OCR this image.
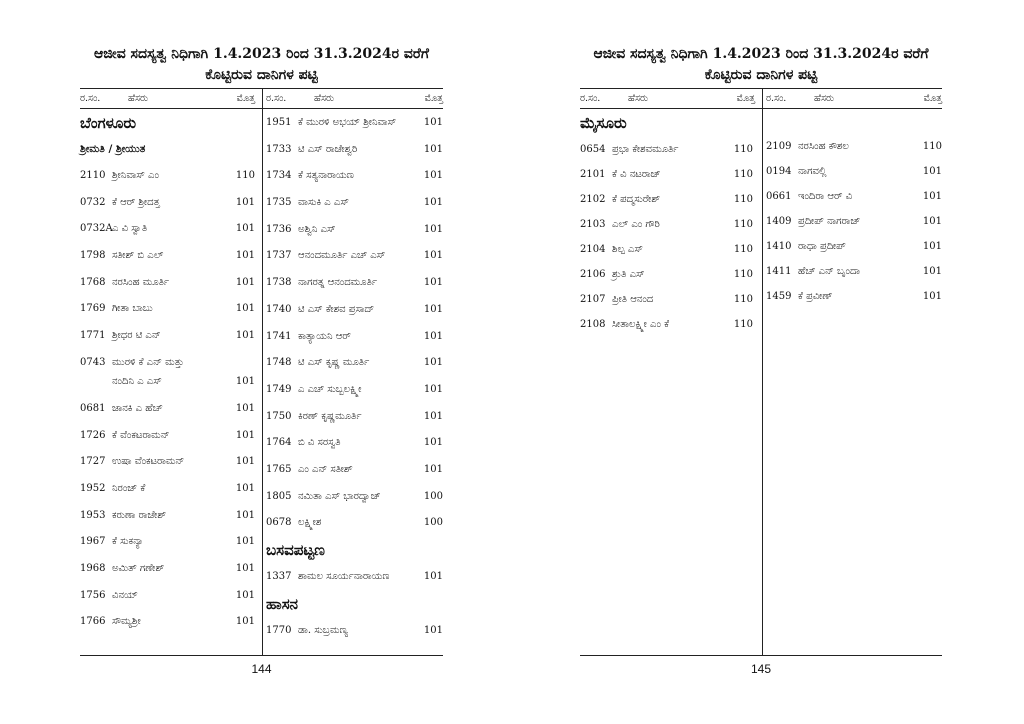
ಆಜೀವ ಸದಸ್ಯತ್ವ ನಿಧಿಗಾಗಿ 1.4.2023 ರಿಂದ 31.3.2024ರ ವರೆಗೆ
ಕೊಟ್ಟಿರುವ ದಾನಿಗಳ ಪಟ್ಟಿ
ರ.ಸಂ.	ಹೆಸರು	ಮೊತ್ತ ರ.ಸಂ.	ಹೆಸರು	ಮೊತ್ತ
ಬೆಂಗಳೂರು
ಶ್ರೀಮತಿ / ಶ್ರೀಯುತ
2110 ಶ್ರೀನಿವಾಸ್ ಎಂ	110
0732 ಕೆ ಆರ್ ಶ್ರೀದತ್ತ	101
0732A ಎ ವಿ ಸ್ವಾತಿ	101
1798 ಸತೀಶ್ ಬಿ ಎಲ್	101
1768 ನರಸಿಂಹ ಮೂರ್ತಿ	101
1769 ಗೀತಾ ಬಾಬು	101
1771 ಶ್ರೀಧರ ಟಿ ಎನ್	101
0743 ಮುರಳಿ ಕೆ ಎನ್ ಮತ್ತು
ನಂದಿನಿ ಎ ಎಸ್	101
0681 ಜಾನಕಿ ಎ ಹೆಚ್	101
1726 ಕೆ ವೆಂಕಟರಾಮನ್	101
1727 ಉಷಾ ವೆಂಕಟರಾಮನ್	101
1952 ನಿರಂಜ್ ಕೆ	101
1953 ಕರುಣಾ ರಾಜೇಶ್	101
1967 ಕೆ ಸುಕನ್ಯಾ	101
1968 ಅಮಿತ್ ಗಣೇಶ್	101
1756 ವಿನಯ್	101
1766 ಸೌಮ್ಯಶ್ರೀ	101
1951 ಕೆ ಮುರಳಿ ಅಭಯ್ ಶ್ರೀನಿವಾಸ್	101
1733 ಟಿ ಎಸ್ ರಾಜೇಶ್ವರಿ	101
1734 ಕೆ ಸತ್ಯನಾರಾಯಣ	101
1735 ವಾಸುಕಿ ಎ ಎಸ್	101
1736 ಅಶ್ವಿನಿ ಎಸ್	101
1737 ಆನಂದಮೂರ್ತಿ ಎಚ್ ಎಸ್	101
1738 ನಾಗರತ್ನ ಆನಂದಮೂರ್ತಿ	101
1740 ಟಿ ಎಸ್ ಕೇಶವ ಪ್ರಸಾದ್	101
1741 ಕಾತ್ಯಾಯನಿ ಆರ್	101
1748 ಟಿ ಎಸ್ ಕೃಷ್ಣ ಮೂರ್ತಿ	101
1749 ಎ ಎಚ್ ಸುಬ್ಬಲಕ್ಷ್ಮೀ	101
1750 ಕಿರಣ್ ಕೃಷ್ಣಮೂರ್ತಿ	101
1764 ಬಿ ವಿ ಸರಸ್ವತಿ	101
1765 ಎಂ ಎನ್ ಸತೀಶ್	101
1805 ನಮಿತಾ ಎಸ್ ಭಾರದ್ವಾಜ್	100
0678 ಲಕ್ಷ್ಮೀಶ	100
ಬಸವಪಟ್ಟಣ
1337 ಶಾಮಲ ಸೂರ್ಯನಾರಾಯಣ	101
ಹಾಸನ
1770 ಡಾ. ಸುಬ್ರಮಣ್ಯ	101
144
ಆಜೀವ ಸದಸ್ಯತ್ವ ನಿಧಿಗಾಗಿ 1.4.2023 ರಿಂದ 31.3.2024ರ ವರೆಗೆ
ಕೊಟ್ಟಿರುವ ದಾನಿಗಳ ಪಟ್ಟಿ
ರ.ಸಂ.	ಹೆಸರು	ಮೊತ್ತ ರ.ಸಂ.	ಹೆಸರು	ಮೊತ್ತ
ಮೈಸೂರು
0654 ಪ್ರಭಾ ಕೇಶವಮೂರ್ತಿ	110
2101 ಕೆ ವಿ ನಟರಾಜ್	110
2102 ಕೆ ಪದ್ಮಸುರೇಶ್	110
2103 ಎಲ್ ಎಂ ಗೌರಿ	110
2104 ಶಿಲ್ಪ ಎಸ್	110
2106 ಶ್ರುತಿ ಎಸ್	110
2107 ಪ್ರೀತಿ ಆನಂದ	110
2108 ಸೀತಾಲಕ್ಷ್ಮೀ ಎಂ ಕೆ	110
2109 ನರಸಿಂಹ ಕೌಶಲ	110
0194 ನಾಗವಲ್ಲಿ	101
0661 ಇಂದಿರಾ ಆರ್ ವಿ	101
1409 ಪ್ರದೀಪ್ ನಾಗರಾಜ್	101
1410 ರಾಧಾ ಪ್ರದೀಪ್	101
1411 ಹೆಚ್ ಎನ್ ಬೃಂದಾ	101
1459 ಕೆ ಪ್ರವೀಣ್	101
145
